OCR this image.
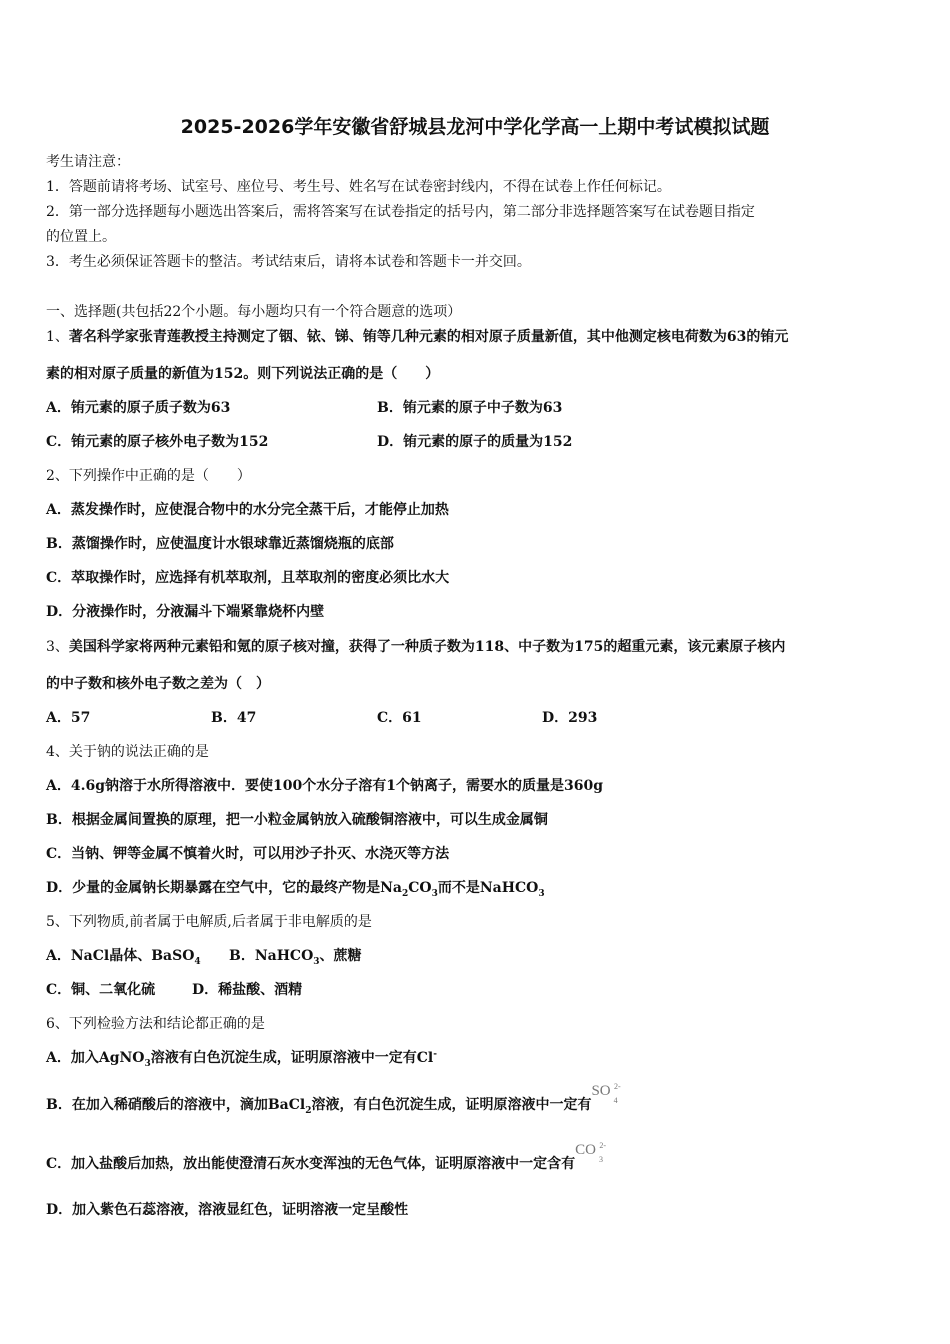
2025-2026学年安徽省舒城县龙河中学化学高一上期中考试模拟试题
考生请注意：
1．答题前请将考场、试室号、座位号、考生号、姓名写在试卷密封线内，不得在试卷上作任何标记。
2．第一部分选择题每小题选出答案后，需将答案写在试卷指定的括号内，第二部分非选择题答案写在试卷题目指定
的位置上。
3．考生必须保证答题卡的整洁。考试结束后，请将本试卷和答题卡一并交回。
一、选择题(共包括22个小题。每小题均只有一个符合题意的选项）
1、著名科学家张青莲教授主持测定了铟、铱、锑、铕等几种元素的相对原子质量新值，其中他测定核电荷数为63的铕元
素的相对原子质量的新值为152。则下列说法正确的是（　　）
A．铕元素的原子质子数为63	B．铕元素的原子中子数为63
C．铕元素的原子核外电子数为152	D．铕元素的原子的质量为152
2、下列操作中正确的是（　　）
A．蒸发操作时，应使混合物中的水分完全蒸干后，才能停止加热
B．蒸馏操作时，应使温度计水银球靠近蒸馏烧瓶的底部
C．萃取操作时，应选择有机萃取剂，且萃取剂的密度必须比水大
D．分液操作时，分液漏斗下端紧靠烧杯内壁
3、美国科学家将两种元素铅和氪的原子核对撞，获得了一种质子数为118、中子数为175的超重元素，该元素原子核内
的中子数和核外电子数之差为（　）
A．57	B．47	C．61	D．293
4、关于钠的说法正确的是
A．4.6g钠溶于水所得溶液中．要使100个水分子溶有1个钠离子，需要水的质量是360g
B．根据金属间置换的原理，把一小粒金属钠放入硫酸铜溶液中，可以生成金属铜
C．当钠、钾等金属不慎着火时，可以用沙子扑灭、水浇灭等方法
D．少量的金属钠长期暴露在空气中，它的最终产物是$Na_2CO_3$而不是NaHCO$_3$
5、下列物质,前者属于电解质,后者属于非电解质的是
A．NaCl晶体、BaSO$_4$ B．NaHCO$_3$、蔗糖
C．铜、二氧化硫	D．稀盐酸、酒精
6、下列检验方法和结论都正确的是
A．加入AgNO$_3$溶液有白色沉淀生成，证明原溶液中一定有Cl-
B．在加入稀硝酸后的溶液中，滴加BaCl$_2$溶液，有白色沉淀生成，证明原溶液中一定有SO 2-
4
C．加入盐酸后加热，放出能使澄清石灰水变浑浊的无色气体，证明原溶液中一定含有CO 2-
3
D．加入紫色石蕊溶液，溶液显红色，证明溶液一定呈酸性
